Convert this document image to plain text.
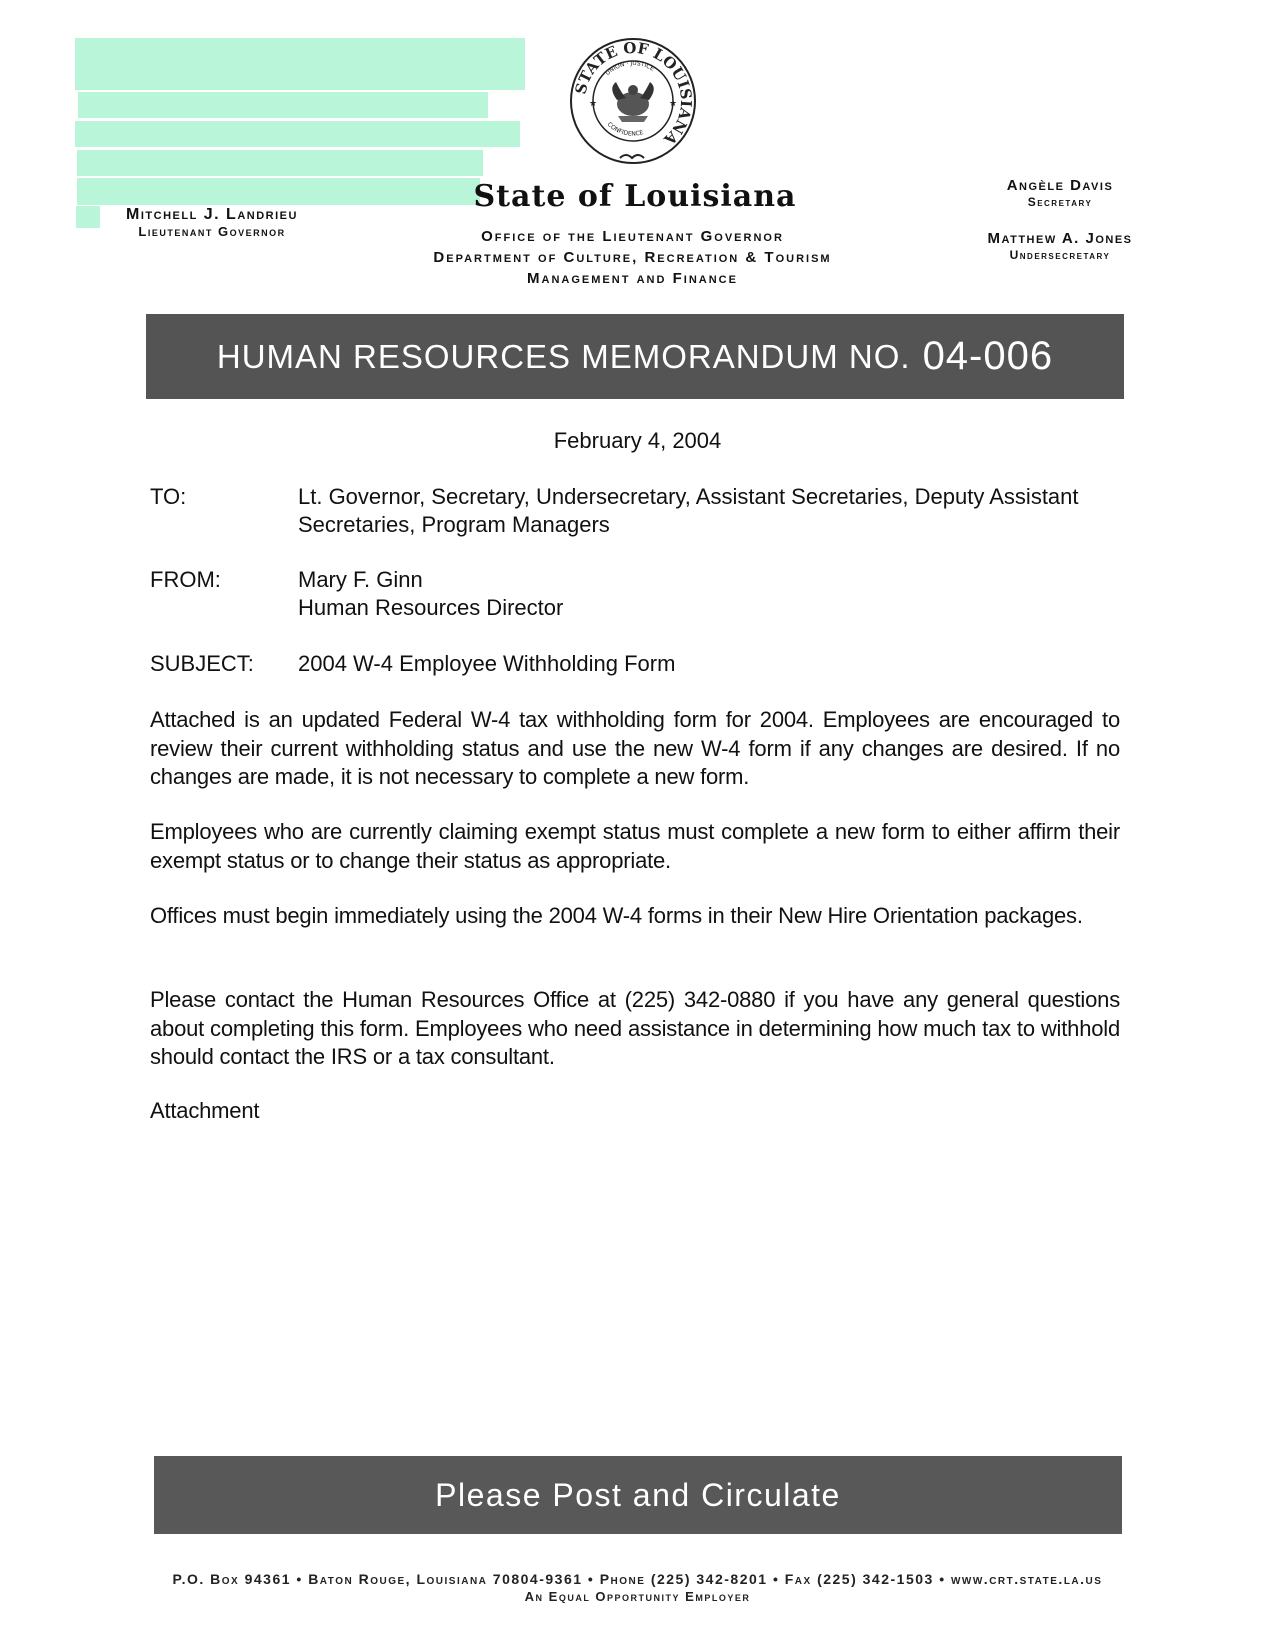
Mitchell J. Landrieu
Lieutenant Governor
STATE OF LOUISIANA
UNION · JUSTICE
CONFIDENCE
★	★
State of Louisiana
Office of the Lieutenant Governor
Department of Culture, Recreation & Tourism
Management and Finance
Angèle Davis
Secretary
Matthew A. Jones
Undersecretary
HUMAN RESOURCES MEMORANDUM NO. 04-006
February 4, 2004
TO:	Lt. Governor, Secretary, Undersecretary, Assistant Secretaries, Deputy Assistant
Secretaries, Program Managers
FROM:	Mary F. Ginn
Human Resources Director
SUBJECT:	2004 W-4 Employee Withholding Form
Attached is an updated Federal W-4 tax withholding form for 2004. Employees are encouraged to review their current withholding status and use the new W-4 form if any changes are desired. If no changes are made, it is not necessary to complete a new form.
Employees who are currently claiming exempt status must complete a new form to either affirm their exempt status or to change their status as appropriate.
Offices must begin immediately using the 2004 W-4 forms in their New Hire Orientation packages.
Please contact the Human Resources Office at (225) 342-0880 if you have any general questions about completing this form. Employees who need assistance in determining how much tax to withhold should contact the IRS or a tax consultant.
Attachment
Please Post and Circulate
P.O. Box 94361 • Baton Rouge, Louisiana 70804-9361 • Phone (225) 342-8201 • Fax (225) 342-1503 • www.crt.state.la.us
An Equal Opportunity Employer
